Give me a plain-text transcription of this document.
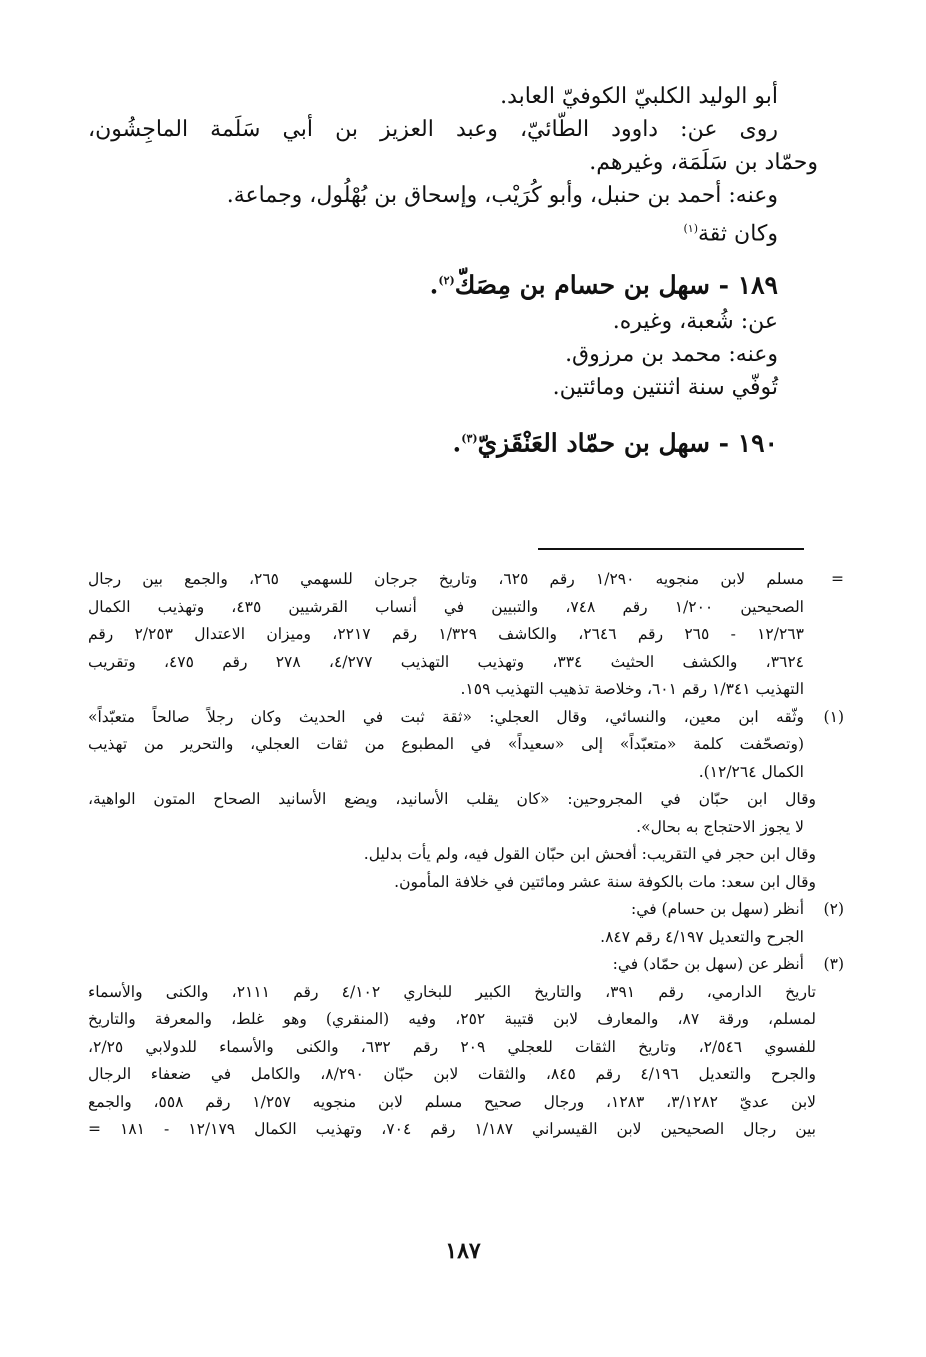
أبو الوليد الكلبيّ الكوفيّ العابد.
روى عن: داوود الطّائيّ، وعبد العزيز بن أبي سَلَمة الماجِشُون،
وحمّاد بن سَلَمَة، وغيرهم.
وعنه: أحمد بن حنبل، وأبو كُرَيْب، وإسحاق بن بُهْلُول، وجماعة.
وكان ثقة$^{(١)}$
١٨٩ - سهل بن حسام بن مِصَكّ$^{(٢)}$.
عن: شُعبة، وغيره.
وعنه: محمد بن مرزوق.
تُوفّي سنة اثنتين ومائتين.
١٩٠ - سهل بن حمّاد العَنْقَزيّ$^{(٣)}$.
=
مسلم لابن منجويه ١/٢٩٠ رقم ٦٢٥، وتاريخ جرجان للسهمي ٢٦٥، والجمع بين رجال
الصحيحين ١/٢٠٠ رقم ٧٤٨، والتبيين في أنساب القرشيين ٤٣٥، وتهذيب الكمال
١٢/٢٦٣ - ٢٦٥ رقم ٢٦٤٦، والكاشف ١/٣٢٩ رقم ٢٢١٧، وميزان الاعتدال ٢/٢٥٣ رقم
٣٦٢٤، والكشف الحثيث ٣٣٤، وتهذيب التهذيب ٤/٢٧٧، ٢٧٨ رقم ٤٧٥، وتقريب
التهذيب ١/٣٤١ رقم ٦٠١، وخلاصة تذهيب التهذيب ١٥٩.
(١)
وثّقه ابن معين، والنسائي، وقال العجلي: «ثقة ثبت في الحديث وكان رجلاً صالحاً متعبّداً»
(وتصحّفت كلمة «متعبّداً» إلى «سعيداً» في المطبوع من ثقات العجلي، والتحرير من تهذيب
الكمال ١٢/٢٦٤).
وقال ابن حبّان في المجروحين: «كان يقلب الأسانيد، ويضع الأسانيد الصحاح المتون الواهية،
لا يجوز الاحتجاج به بحال».
وقال ابن حجر في التقريب: أفحش ابن حبّان القول فيه، ولم يأت بدليل.
وقال ابن سعد: مات بالكوفة سنة عشر ومائتين في خلافة المأمون.
(٢)
أنظر (سهل بن حسام) في:
الجرح والتعديل ٤/١٩٧ رقم ٨٤٧.
(٣)
أنظر عن (سهل بن حمّاد) في:
تاريخ الدارمي، رقم ٣٩١، والتاريخ الكبير للبخاري ٤/١٠٢ رقم ٢١١١، والكنى والأسماء
لمسلم، ورقة ٨٧، والمعارف لابن قتيبة ٢٥٢، وفيه (المنقري) وهو غلط، والمعرفة والتاريخ
للفسوي ٢/٥٤٦، وتاريخ الثقات للعجلي ٢٠٩ رقم ٦٣٢، والكنى والأسماء للدولابي ٢/٢٥،
والجرح والتعديل ٤/١٩٦ رقم ٨٤٥، والثقات لابن حبّان ٨/٢٩٠، والكامل في ضعفاء الرجال
لابن عديّ ٣/١٢٨٢، ١٢٨٣، ورجال صحيح مسلم لابن منجويه ١/٢٥٧ رقم ٥٥٨، والجمع
بين رجال الصحيحين لابن القيسراني ١/١٨٧ رقم ٧٠٤، وتهذيب الكمال ١٢/١٧٩ - ١٨١ =
١٨٧
